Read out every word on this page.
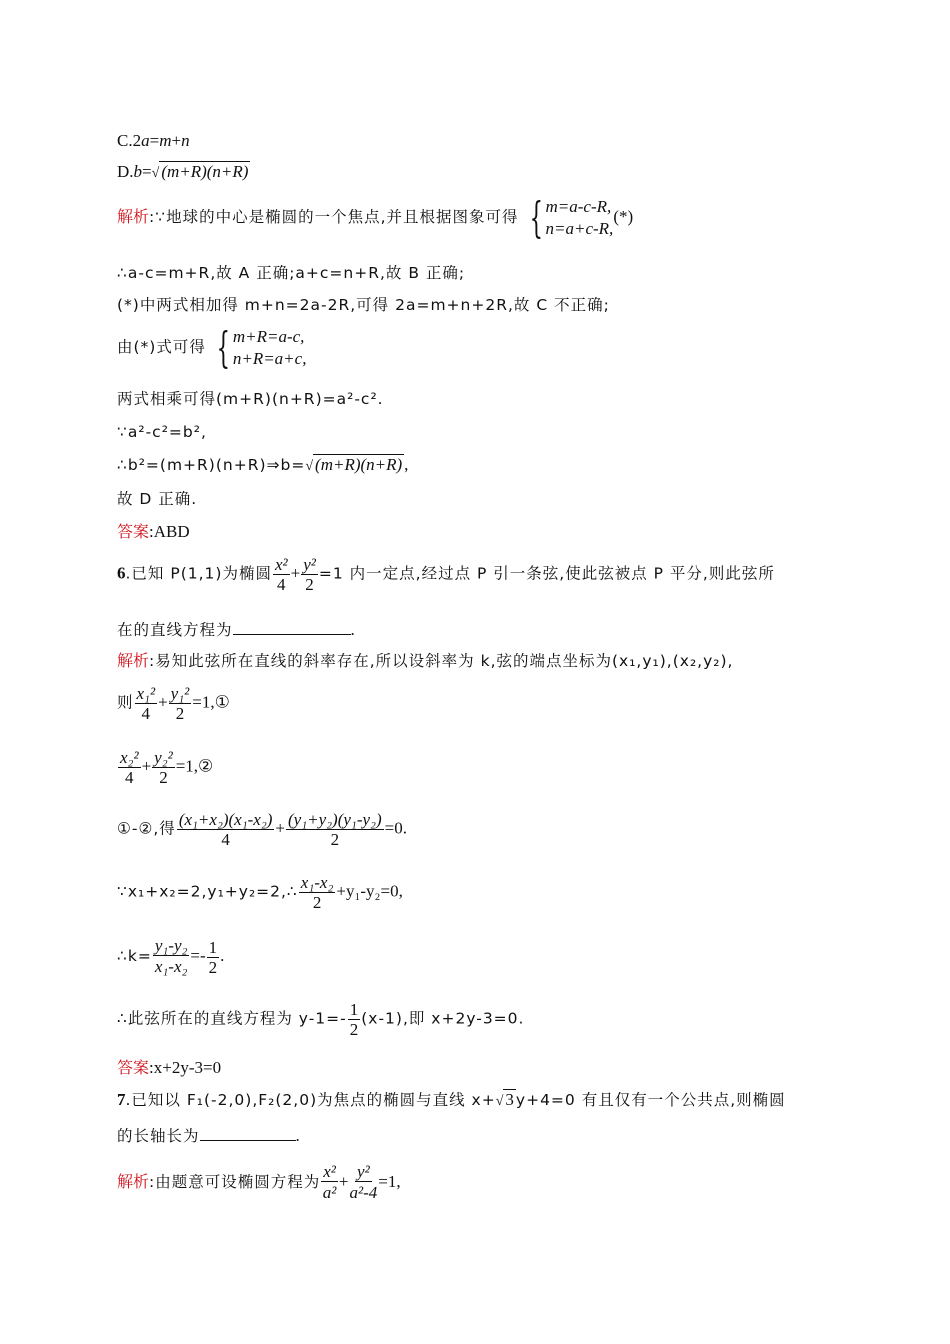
C.2a=m+n
D.b=√ (m+R)(n+R)
解析:∵地球的中心是椭圆的一个焦点,并且根据图象可得 { m=a-c-R,
n=a+c-R,
(*)
∴a-c=m+R,故 A 正确;a+c=n+R,故 B 正确;
(*)中两式相加得 m+n=2a-2R,可得 2a=m+n+2R,故 C 不正确;
由(*)式可得 { m+R=a-c,
n+R=a+c,
两式相乘可得(m+R)(n+R)=a²-c².
∵a²-c²=b²,
∴b²=(m+R)(n+R)⇒b=√ (m+R)(n+R) ,
故 D 正确.
答案:ABD
6.已知 P(1,1)为椭圆 $\frac{\text{x²}}{4} + \frac{\text{y²}}{2} =1$ 内一定点,经过点 P 引一条弦,使此弦被点 P 平分,则此弦所
在的直线方程为	.
解析:易知此弦所在直线的斜率存在,所以设斜率为 k,弦的端点坐标为(x₁,y₁),(x₂,y₂),
则 $\frac{\text{x₁²}}{4} + \frac{\text{y₁²}}{2}$ =1,①
$\frac{\text{x₂²}}{4} + \frac{\text{y₂²}}{2}$ =1,②
①-②,得 $\frac{\text{(x₁+x₂)(x₁-x₂)}}{4} + \frac{\text{(y₁+y₂)(y₁-y₂)}}{2} =0$.
∵x₁+x₂=2,y₁+y₂=2,∴ $\frac{\text{x₁-x₂}}{2} +y_1-y_2=0$,
∴k= $\frac{\text{y₁-y₂}}{\text{x₁-x₂}} =- \frac{1}{2}$ .
∴此弦所在的直线方程为 $y-1=- \frac{1}{2} (x-1)$,即 x+2y-3=0.
答案:x+2y-3=0
7.已知以 F₁(-2,0),F₂(2,0)为焦点的椭圆与直线 x+√ 3 y+4=0 有且仅有一个公共点,则椭圆
的长轴长为	.
解析:由题意可设椭圆方程为 $\frac{\text{x²}}{\text{a²}} + \frac{\text{y²}}{\text{a²-4}} =1$,
